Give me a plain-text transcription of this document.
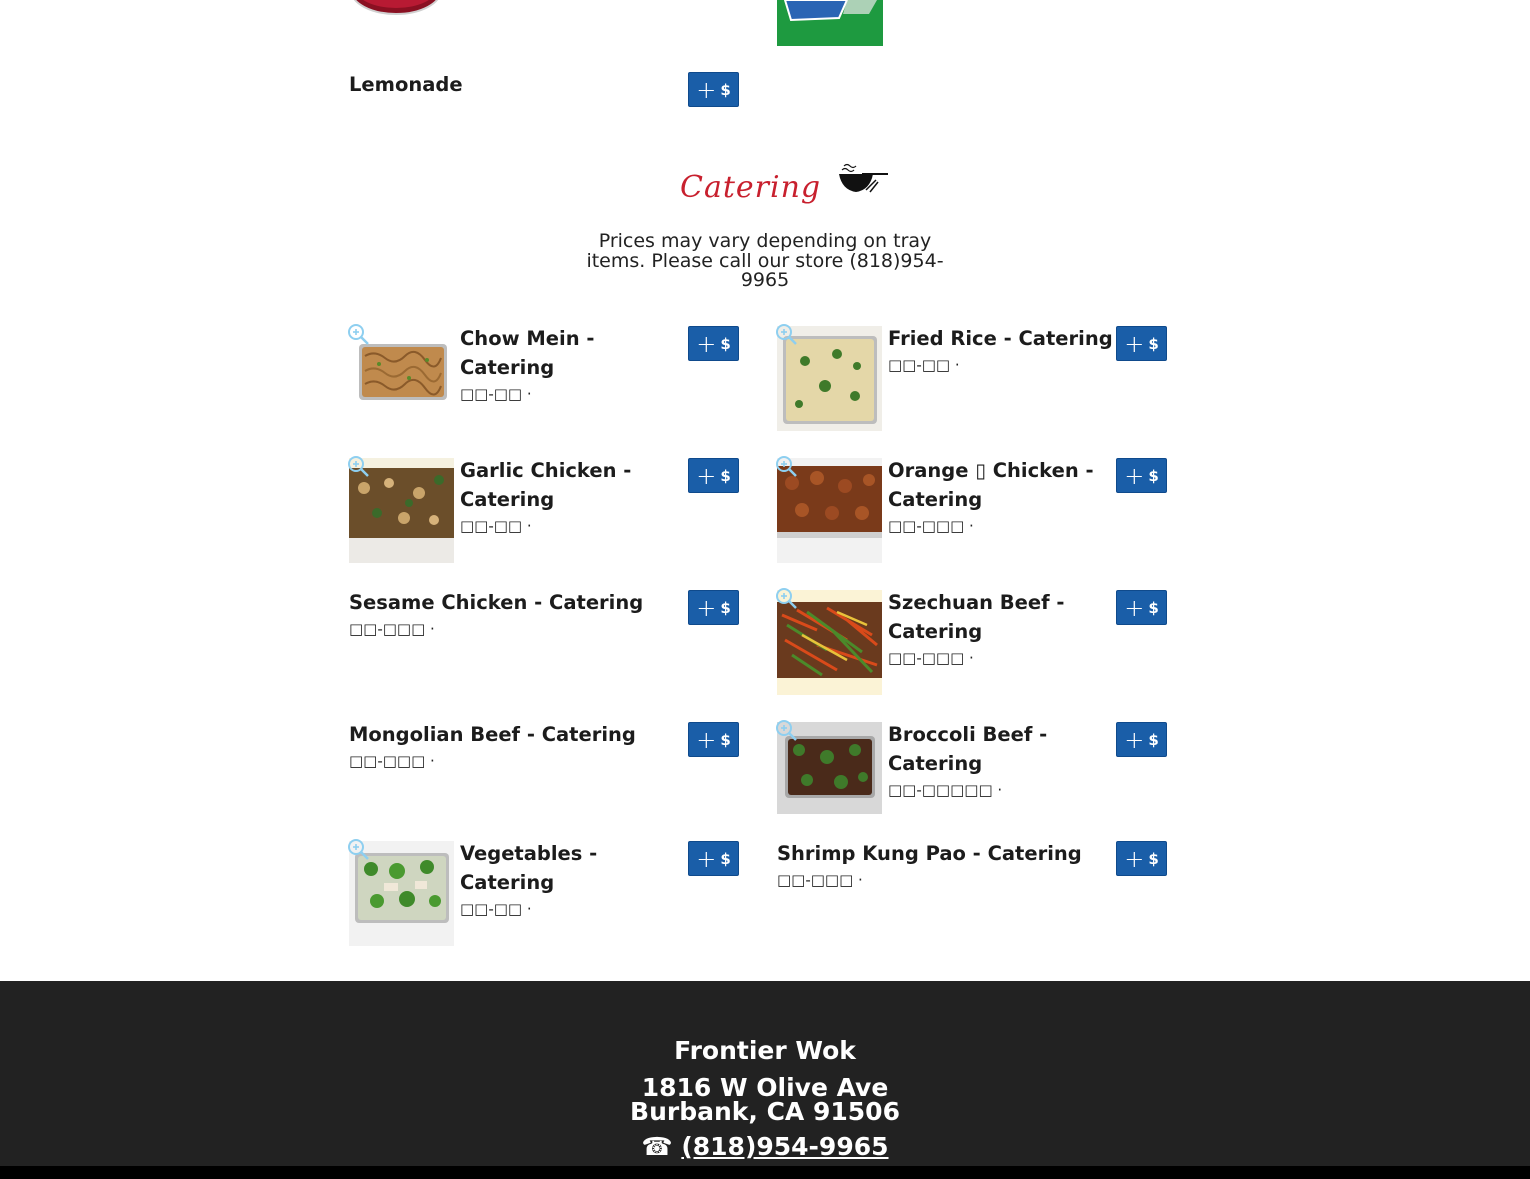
Lemonade	+ $
Catering
Prices may vary depending on tray items. Please call our store (818)954-9965
Chow Mein - Catering
□□-□□ ·
+ $	Fried Rice - Catering
□□-□□ ·
+ $
Garlic Chicken - Catering
□□-□□ ·
+ $	Orange ▯ Chicken - Catering
□□-□□□ ·
+ $
Sesame Chicken - Catering
□□-□□□ ·
+ $	Szechuan Beef - Catering
□□-□□□ ·
+ $
Mongolian Beef - Catering
□□-□□□ ·
+ $	Broccoli Beef - Catering
□□-□□□□□ ·
+ $
Vegetables - Catering
□□-□□ ·
+ $ Shrimp Kung Pao - Catering
□□-□□□ ·
+ $
Frontier Wok
1816 W Olive Ave
Burbank, CA 91506
☎ (818)954-9965
